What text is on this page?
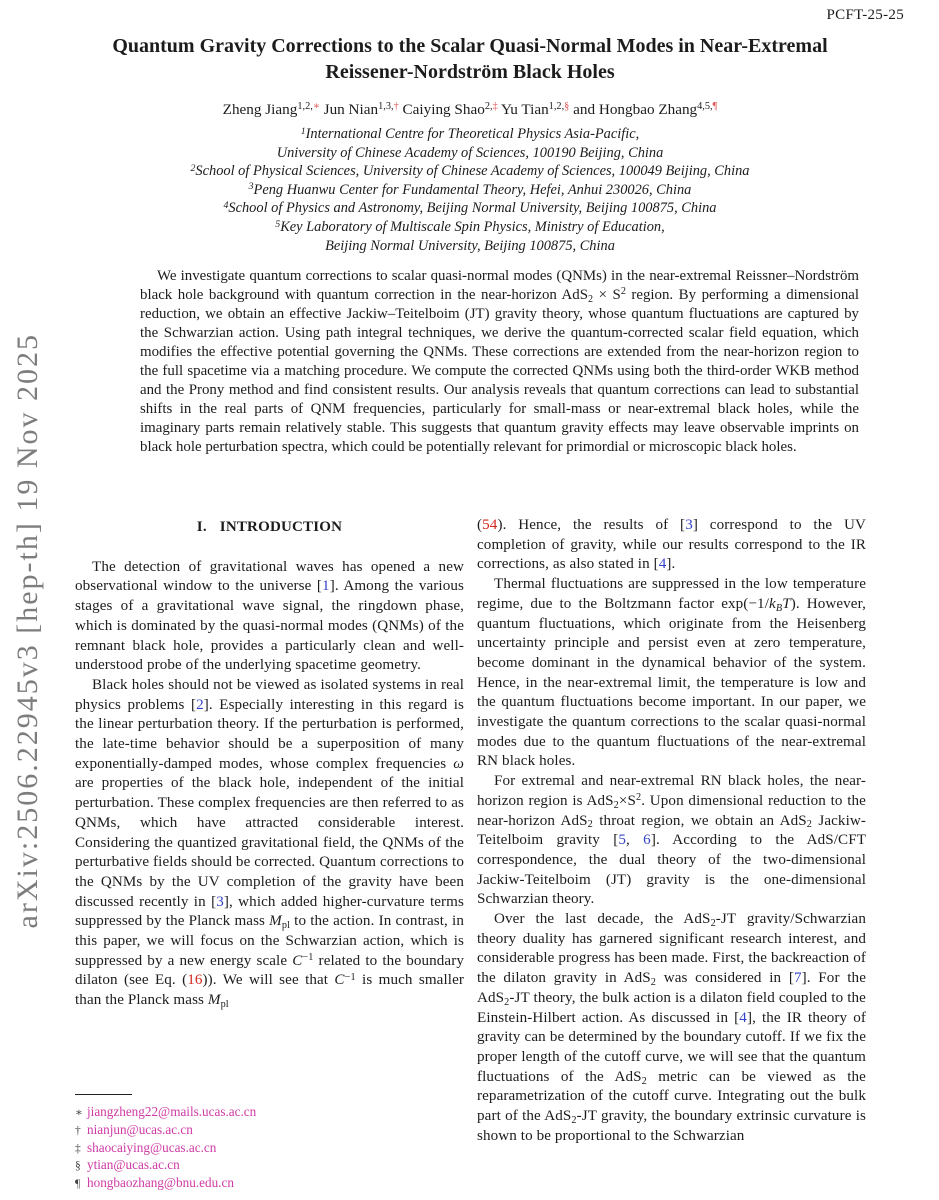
PCFT-25-25
arXiv:2506.22945v3 [hep-th] 19 Nov 2025
Quantum Gravity Corrections to the Scalar Quasi-Normal Modes in Near-Extremal
Reissener-Nordström Black Holes
Zheng Jiang$^{1,2,∗}$ Jun Nian$^{1,3,\dagger}$ Caiying Shao$^{2,\ddagger}$ Yu Tian$^{1,2,\S}$ and Hongbao Zhang$^{4,5,\P}$
$^1$International Centre for Theoretical Physics Asia-Pacific,
University of Chinese Academy of Sciences, 100190 Beijing, China
$^2$School of Physical Sciences, University of Chinese Academy of Sciences, 100049 Beijing, China
$^3$Peng Huanwu Center for Fundamental Theory, Hefei, Anhui 230026, China
$^4$School of Physics and Astronomy, Beijing Normal University, Beijing 100875, China
$^5$Key Laboratory of Multiscale Spin Physics, Ministry of Education,
Beijing Normal University, Beijing 100875, China
We investigate quantum corrections to scalar quasi-normal modes (QNMs) in the near-extremal Reissner–Nordström black hole background with quantum correction in the near-horizon $AdS_2 \times S^2$ region. By performing a dimensional reduction, we obtain an effective Jackiw–Teitelboim (JT) gravity theory, whose quantum fluctuations are captured by the Schwarzian action. Using path integral techniques, we derive the quantum-corrected scalar field equation, which modifies the effective potential governing the QNMs. These corrections are extended from the near-horizon region to the full spacetime via a matching procedure. We compute the corrected QNMs using both the third-order WKB method and the Prony method and find consistent results. Our analysis reveals that quantum corrections can lead to substantial shifts in the real parts of QNM frequencies, particularly for small-mass or near-extremal black holes, while the imaginary parts remain relatively stable. This suggests that quantum gravity effects may leave observable imprints on black hole perturbation spectra, which could be potentially relevant for primordial or microscopic black holes.
I. INTRODUCTION

The detection of gravitational waves has opened a new observational window to the universe [1]. Among the various stages of a gravitational wave signal, the ringdown phase, which is dominated by the quasi-normal modes (QNMs) of the remnant black hole, provides a particularly clean and well-understood probe of the underlying spacetime geometry.

Black holes should not be viewed as isolated systems in real physics problems [2]. Especially interesting in this regard is the linear perturbation theory. If the perturbation is performed, the late-time behavior should be a superposition of many exponentially-damped modes, whose complex frequencies ω are properties of the black hole, independent of the initial perturbation. These complex frequencies are then referred to as QNMs, which have attracted considerable interest. Considering the quantized gravitational field, the QNMs of the perturbative fields should be corrected. Quantum corrections to the QNMs by the UV completion of the gravity have been discussed recently in [3], which added higher-curvature terms suppressed by the Planck mass $M_{pl}$ to the action. In contrast, in this paper, we will focus on the Schwarzian action, which is suppressed by a new energy scale $C^{-1}$ related to the boundary dilaton (see Eq. (16)). We will see that $C^{-1}$ is much smaller than the Planck mass $M_{pl}$

(54). Hence, the results of [3] correspond to the UV completion of gravity, while our results correspond to the IR corrections, as also stated in [4].

Thermal fluctuations are suppressed in the low temperature regime, due to the Boltzmann factor $\exp(-1/k_BT)$. However, quantum fluctuations, which originate from the Heisenberg uncertainty principle and persist even at zero temperature, become dominant in the dynamical behavior of the system. Hence, in the near-extremal limit, the temperature is low and the quantum fluctuations become important. In our paper, we investigate the quantum corrections to the scalar quasi-normal modes due to the quantum fluctuations of the near-extremal RN black holes.

For extremal and near-extremal RN black holes, the near-horizon region is $AdS_2\times S^2$. Upon dimensional reduction to the near-horizon AdS$_2$ throat region, we obtain an AdS$_2$ Jackiw-Teitelboim gravity [5, 6]. According to the AdS/CFT correspondence, the dual theory of the two-dimensional Jackiw-Teitelboim (JT) gravity is the one-dimensional Schwarzian theory.

Over the last decade, the AdS$_2$-JT gravity/Schwarzian theory duality has garnered significant research interest, and considerable progress has been made. First, the backreaction of the dilaton gravity in AdS$_2$ was considered in [7]. For the AdS$_2$-JT theory, the bulk action is a dilaton field coupled to the Einstein-Hilbert action. As discussed in [4], the IR theory of gravity can be determined by the boundary cutoff. If we fix the proper length of the cutoff curve, we will see that the quantum fluctuations of the AdS$_2$ metric can be viewed as the reparametrization of the cutoff curve. Integrating out the bulk part of the AdS$_2$-JT gravity, the boundary extrinsic curvature is shown to be proportional to the Schwarzian

∗ jiangzheng22@mails.ucas.ac.cn
† nianjun@ucas.ac.cn
‡ shaocaiying@ucas.ac.cn
§ ytian@ucas.ac.cn
¶ hongbaozhang@bnu.edu.cn
